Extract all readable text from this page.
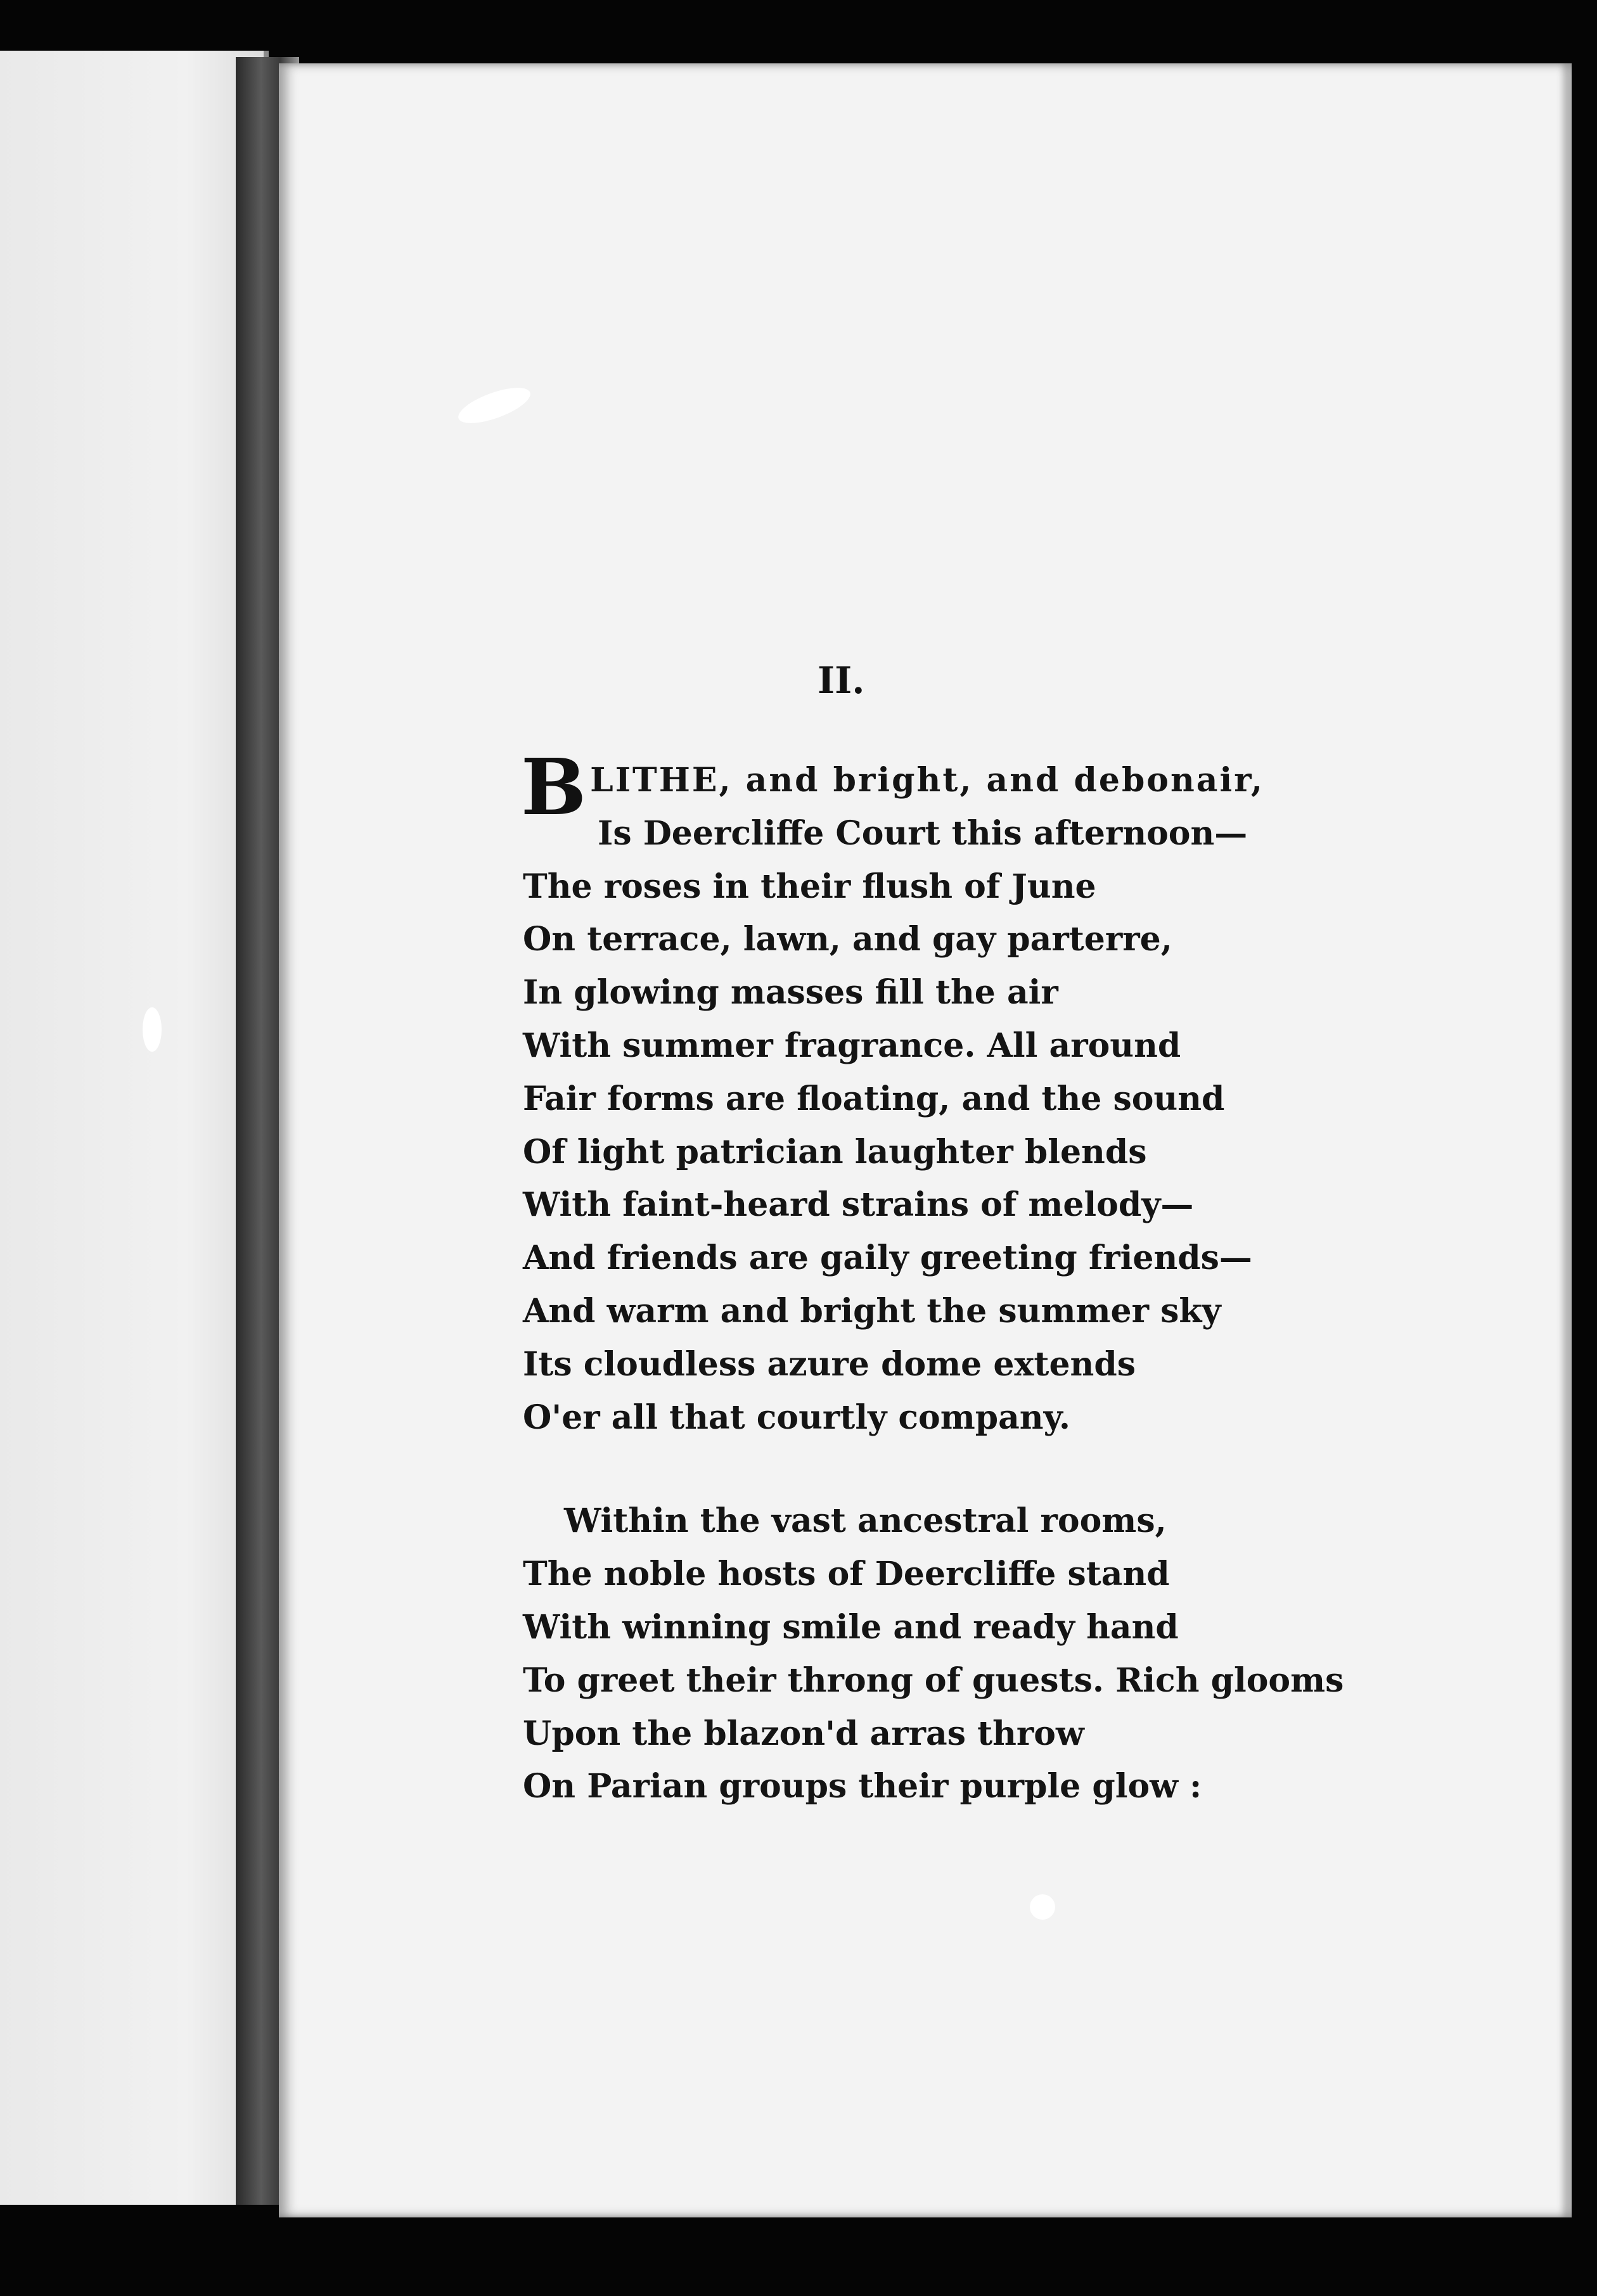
II.
BLITHE, and bright, and debonair,
Is Deercliffe Court this afternoon—
The roses in their flush of June
On terrace, lawn, and gay parterre,
In glowing masses fill the air
With summer fragrance. All around
Fair forms are floating, and the sound
Of light patrician laughter blends
With faint-heard strains of melody—
And friends are gaily greeting friends—
And warm and bright the summer sky
Its cloudless azure dome extends
O'er all that courtly company.
Within the vast ancestral rooms,
The noble hosts of Deercliffe stand
With winning smile and ready hand
To greet their throng of guests. Rich glooms
Upon the blazon'd arras throw
On Parian groups their purple glow :
